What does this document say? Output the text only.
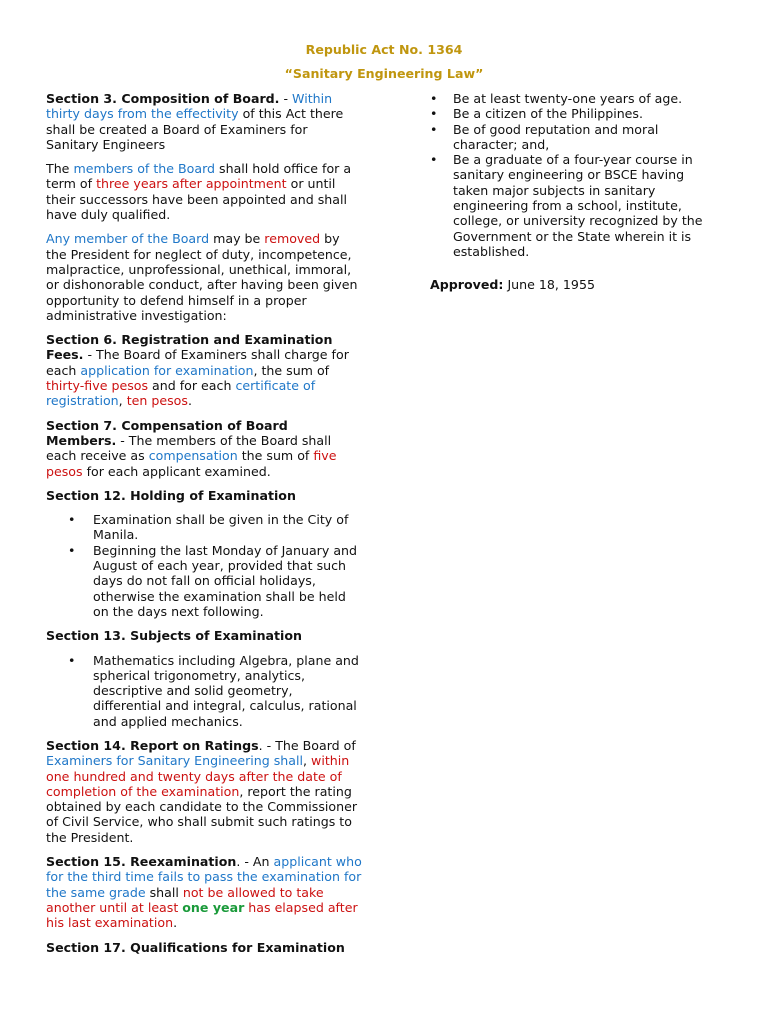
Republic Act No. 1364
“Sanitary Engineering Law”

Section 3. Composition of Board. - Within thirty days from the effectivity of this Act there shall be created a Board of Examiners for Sanitary Engineers

The members of the Board shall hold office for a term of three years after appointment or until their successors have been appointed and shall have duly qualified.

Any member of the Board may be removed by the President for neglect of duty, incompetence, malpractice, unprofessional, unethical, immoral, or dishonorable conduct, after having been given opportunity to defend himself in a proper administrative investigation:

Section 6. Registration and Examination Fees. - The Board of Examiners shall charge for each application for examination, the sum of thirty-five pesos and for each certificate of registration, ten pesos.

Section 7. Compensation of Board Members. - The members of the Board shall each receive as compensation the sum of five pesos for each applicant examined.

Section 12. Holding of Examination

• Examination shall be given in the City of Manila.
• Beginning the last Monday of January and August of each year, provided that such days do not fall on official holidays, otherwise the examination shall be held on the days next following.

Section 13. Subjects of Examination

• Mathematics including Algebra, plane and spherical trigonometry, analytics, descriptive and solid geometry, differential and integral, calculus, rational and applied mechanics.

Section 14. Report on Ratings. - The Board of Examiners for Sanitary Engineering shall, within one hundred and twenty days after the date of completion of the examination, report the rating obtained by each candidate to the Commissioner of Civil Service, who shall submit such ratings to the President.

Section 15. Reexamination. - An applicant who for the third time fails to pass the examination for the same grade shall not be allowed to take another until at least one year has elapsed after his last examination.

Section 17. Qualifications for Examination

• Be at least twenty-one years of age.
• Be a citizen of the Philippines.
• Be of good reputation and moral character; and,
• Be a graduate of a four-year course in sanitary engineering or BSCE having taken major subjects in sanitary engineering from a school, institute, college, or university recognized by the Government or the State wherein it is established.

Approved: June 18, 1955
